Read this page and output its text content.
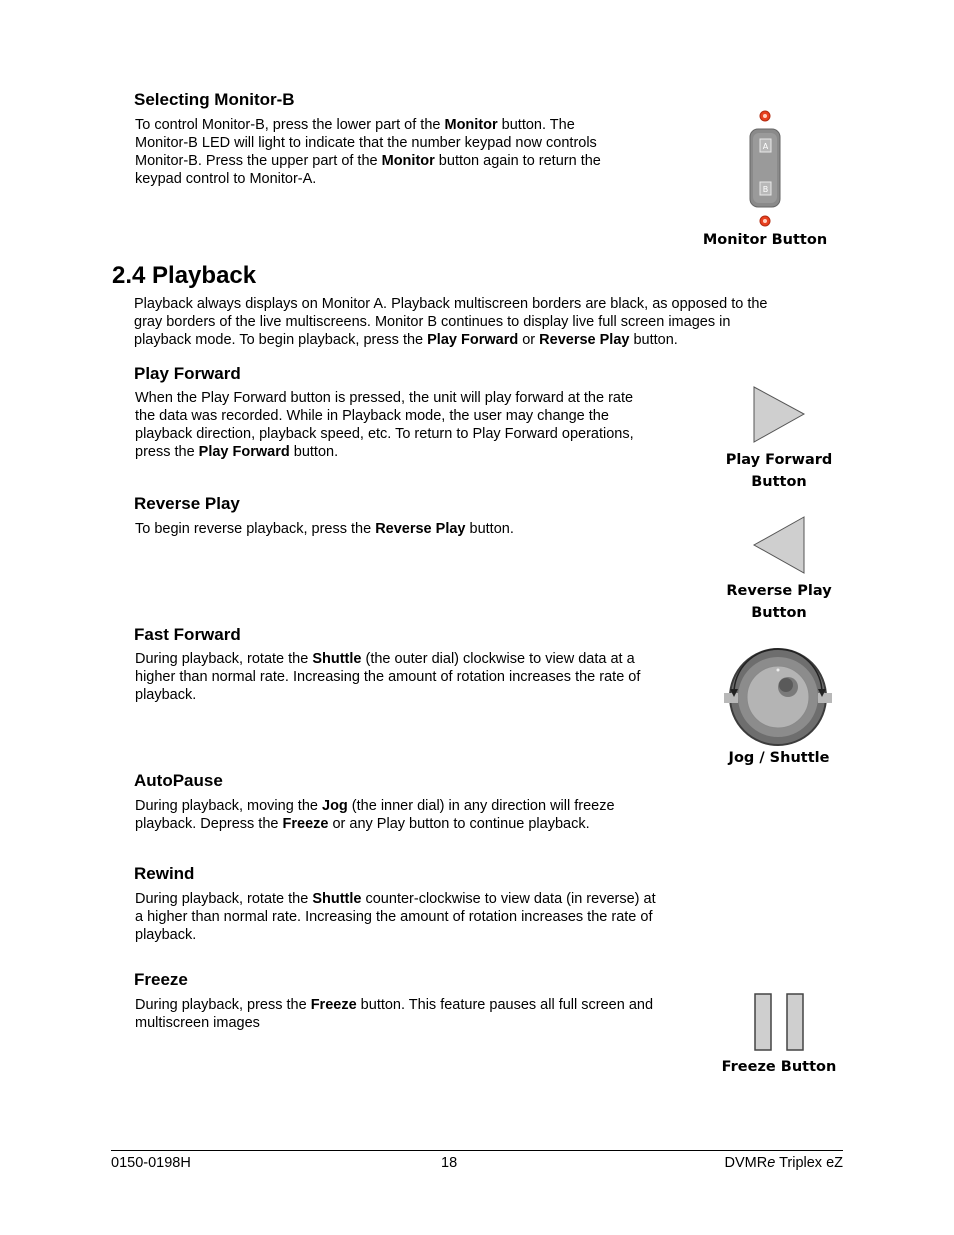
Selecting Monitor-B
To control Monitor-B, press the lower part of the Monitor button. The
Monitor-B LED will light to indicate that the number keypad now controls
Monitor-B. Press the upper part of the Monitor button again to return the
keypad control to Monitor-A.
A
B
Monitor Button
2.4 Playback
Playback always displays on Monitor A. Playback multiscreen borders are black, as opposed to the
gray borders of the live multiscreens. Monitor B continues to display live full screen images in
playback mode. To begin playback, press the Play Forward or Reverse Play button.
Play Forward
When the Play Forward button is pressed, the unit will play forward at the rate
the data was recorded. While in Playback mode, the user may change the
playback direction, playback speed, etc. To return to Play Forward operations,
press the Play Forward button.	Play Forward
Button
Reverse Play
To begin reverse playback, press the Reverse Play button.
Reverse Play
Button
Fast Forward
During playback, rotate the Shuttle (the outer dial) clockwise to view data at a
higher than normal rate. Increasing the amount of rotation increases the rate of
playback.
Jog / Shuttle
AutoPause
During playback, moving the Jog (the inner dial) in any direction will freeze
playback. Depress the Freeze or any Play button to continue playback.
Rewind
During playback, rotate the Shuttle counter-clockwise to view data (in reverse) at
a higher than normal rate. Increasing the amount of rotation increases the rate of
playback.
Freeze
During playback, press the Freeze button. This feature pauses all full screen and
multiscreen images
Freeze Button
0150-0198H	18	DVMRe Triplex eZ
